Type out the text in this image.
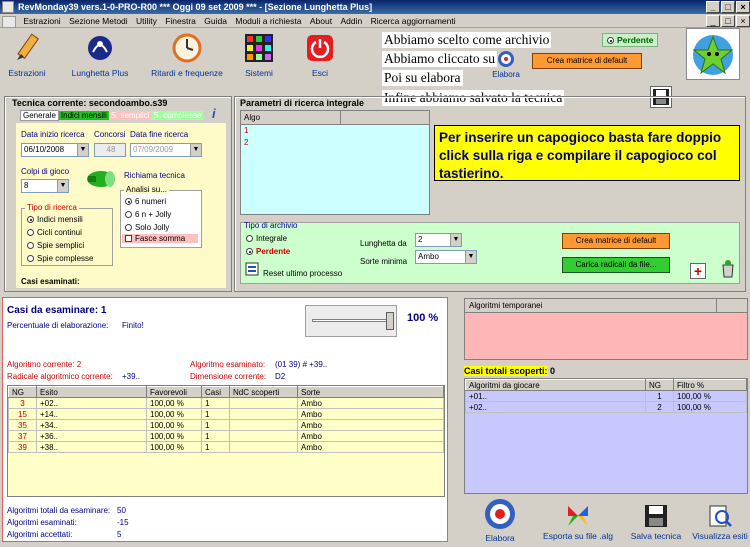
RevMonday39 vers.1-0-PRO-R00 *** Oggi 09 set 2009 *** - [Sezione Lunghetta Plus]	_	□	×
Estrazioni Sezione Metodi Utility Finestra Guida Moduli a richiesta About Addin Ricerca aggiornamenti	_	□	×
Estrazioni	Lunghetta Plus	Ritardi e frequenze	Sistemi	Esci
Abbiamo scelto come archivio	Perdente
Abbiamo cliccato su	Crea matrice di default
Poi su elabora	Elabora
Infine abbiamo salvato la tecnica
Tecnica corrente: secondoambo.s39
Generale Indici mensili S. semplici S. complesse i
Data inizio ricerca
06/10/2008	▼
Concorsi
48
Data fine ricerca
07/09/2009	▼
Colpi di gioco
8	▼
Richiama tecnica
Tipo di ricerca
Indici mensili
Cicli continui
Spie semplici
Spie complesse
Analisi su...
6 numeri
6 n + Jolly
Solo Jolly
Fasce somma
Casi esaminati:
Parametri di ricerca integrale
Algo
1
2	Per inserire un capogioco basta fare doppio click sulla riga e compilare il capogioco col tastierino.
Tipo di archivio
Integrale
Perdente
Reset ultimo processo
Lunghetta da	2	▼
Sorte minima
Ambo	▼
Crea matrice di default
Carica radicali da file...	+
Casi da esaminare: 1
Percentuale di elaborazione: Finito!
100 %
Algoritmo corrente: 2	Algoritmo esaminato: (01 39) # +39..
Radicale algoritmico corrente: +39..	Dimensione corrente: D2
NG	Esito	Favorevoli	Casi	NdC scoperti	Sorte
3	+02..	100,00 %	1		Ambo
15	+14..	100,00 %	1		Ambo
35	+34..	100,00 %	1		Ambo
37	+36..	100,00 %	1		Ambo
39	+38..	100,00 %	1		Ambo
Algoritmi totali da esaminare: 50
Algoritmi esaminati:	-15
Algoritmi accettati:	5
Algoritmi temporanei
Casi totali scoperti: 0
Algoritmi da giocare	NG	Filtro %
+01..	1	100,00 %
+02..	2	100,00 %
Elabora	Esporta su file .alg	Salva tecnica	Visualizza esiti
